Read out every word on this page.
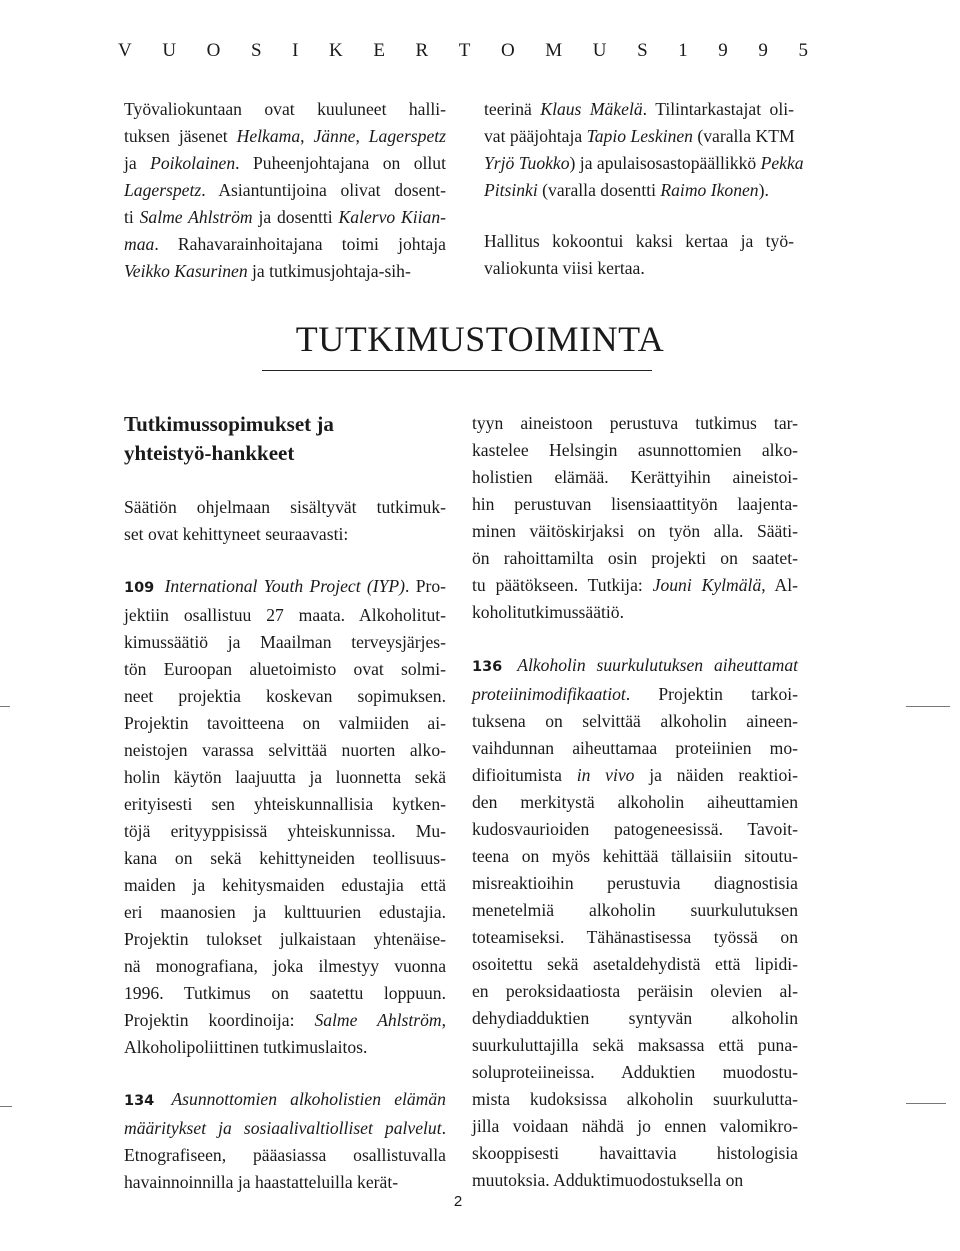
V U O S I K E R T O M U S 1 9 9 5

Työvaliokuntaan ovat kuuluneet halli-
tuksen jäsenet Helkama, Jänne, Lagerspetz
ja Poikolainen. Puheenjohtajana on ollut
Lagerspetz. Asiantuntijoina olivat dosent-
ti Salme Ahlström ja dosentti Kalervo Kiian-
maa. Rahavarainhoitajana toimi johtaja
Veikko Kasurinen ja tutkimusjohtaja-sih-

teerinä Klaus Mäkelä. Tilintarkastajat oli-
vat pääjohtaja Tapio Leskinen (varalla KTM
Yrjö Tuokko) ja apulaisosastopäällikkö Pekka
Pitsinki (varalla dosentti Raimo Ikonen).

Hallitus kokoontui kaksi kertaa ja työ-
valiokunta viisi kertaa.

TUTKIMUSTOIMINTA

Tutkimussopimukset ja yhteistyö-hankkeet

Säätiön ohjelmaan sisältyvät tutkimuk-
set ovat kehittyneet seuraavasti:

109 International Youth Project (IYP). Pro-
jektiin osallistuu 27 maata. Alkoholitut-
kimussäätiö ja Maailman terveysjärjes-
tön Euroopan aluetoimisto ovat solmi-
neet projektia koskevan sopimuksen.
Projektin tavoitteena on valmiiden ai-
neistojen varassa selvittää nuorten alko-
holin käytön laajuutta ja luonnetta sekä
erityisesti sen yhteiskunnallisia kytken-
töjä erityyppisissä yhteiskunnissa. Mu-
kana on sekä kehittyneiden teollisuus-
maiden ja kehitysmaiden edustajia että
eri maanosien ja kulttuurien edustajia.
Projektin tulokset julkaistaan yhtenäise-
nä monografiana, joka ilmestyy vuonna
1996. Tutkimus on saatettu loppuun.
Projektin koordinoija: Salme Ahlström,
Alkoholipoliittinen tutkimuslaitos.

134 Asunnottomien alkoholistien elämän
määritykset ja sosiaalivaltiolliset palvelut.
Etnografiseen, pääasiassa osallistuvalla
havainnoinnilla ja haastatteluilla kerät-

tyyn aineistoon perustuva tutkimus tar-
kastelee Helsingin asunnottomien alko-
holistien elämää. Kerättyihin aineistoi-
hin perustuvan lisensiaattityön laajenta-
minen väitöskirjaksi on työn alla. Sääti-
ön rahoittamilta osin projekti on saatet-
tu päätökseen. Tutkija: Jouni Kylmälä, Al-
koholitutkimussäätiö.

136 Alkoholin suurkulutuksen aiheuttamat
proteiinimodifikaatiot. Projektin tarkoi-
tuksena on selvittää alkoholin aineen-
vaihdunnan aiheuttamaa proteiinien mo-
difioitumista in vivo ja näiden reaktioi-
den merkitystä alkoholin aiheuttamien
kudosvaurioiden patogeneesissä. Tavoit-
teena on myös kehittää tällaisiin sitoutu-
misreaktioihin perustuvia diagnostisia
menetelmiä alkoholin suurkulutuksen
toteamiseksi. Tähänastisessa työssä on
osoitettu sekä asetaldehydistä että lipidi-
en peroksidaatiosta peräisin olevien al-
dehydiadduktien syntyvän alkoholin
suurkuluttajilla sekä maksassa että puna-
soluproteiineissa. Adduktien muodostu-
mista kudoksissa alkoholin suurkulutta-
jilla voidaan nähdä jo ennen valomikro-
skooppisesti havaittavia histologisia
muutoksia. Adduktimuodostuksella on

2
